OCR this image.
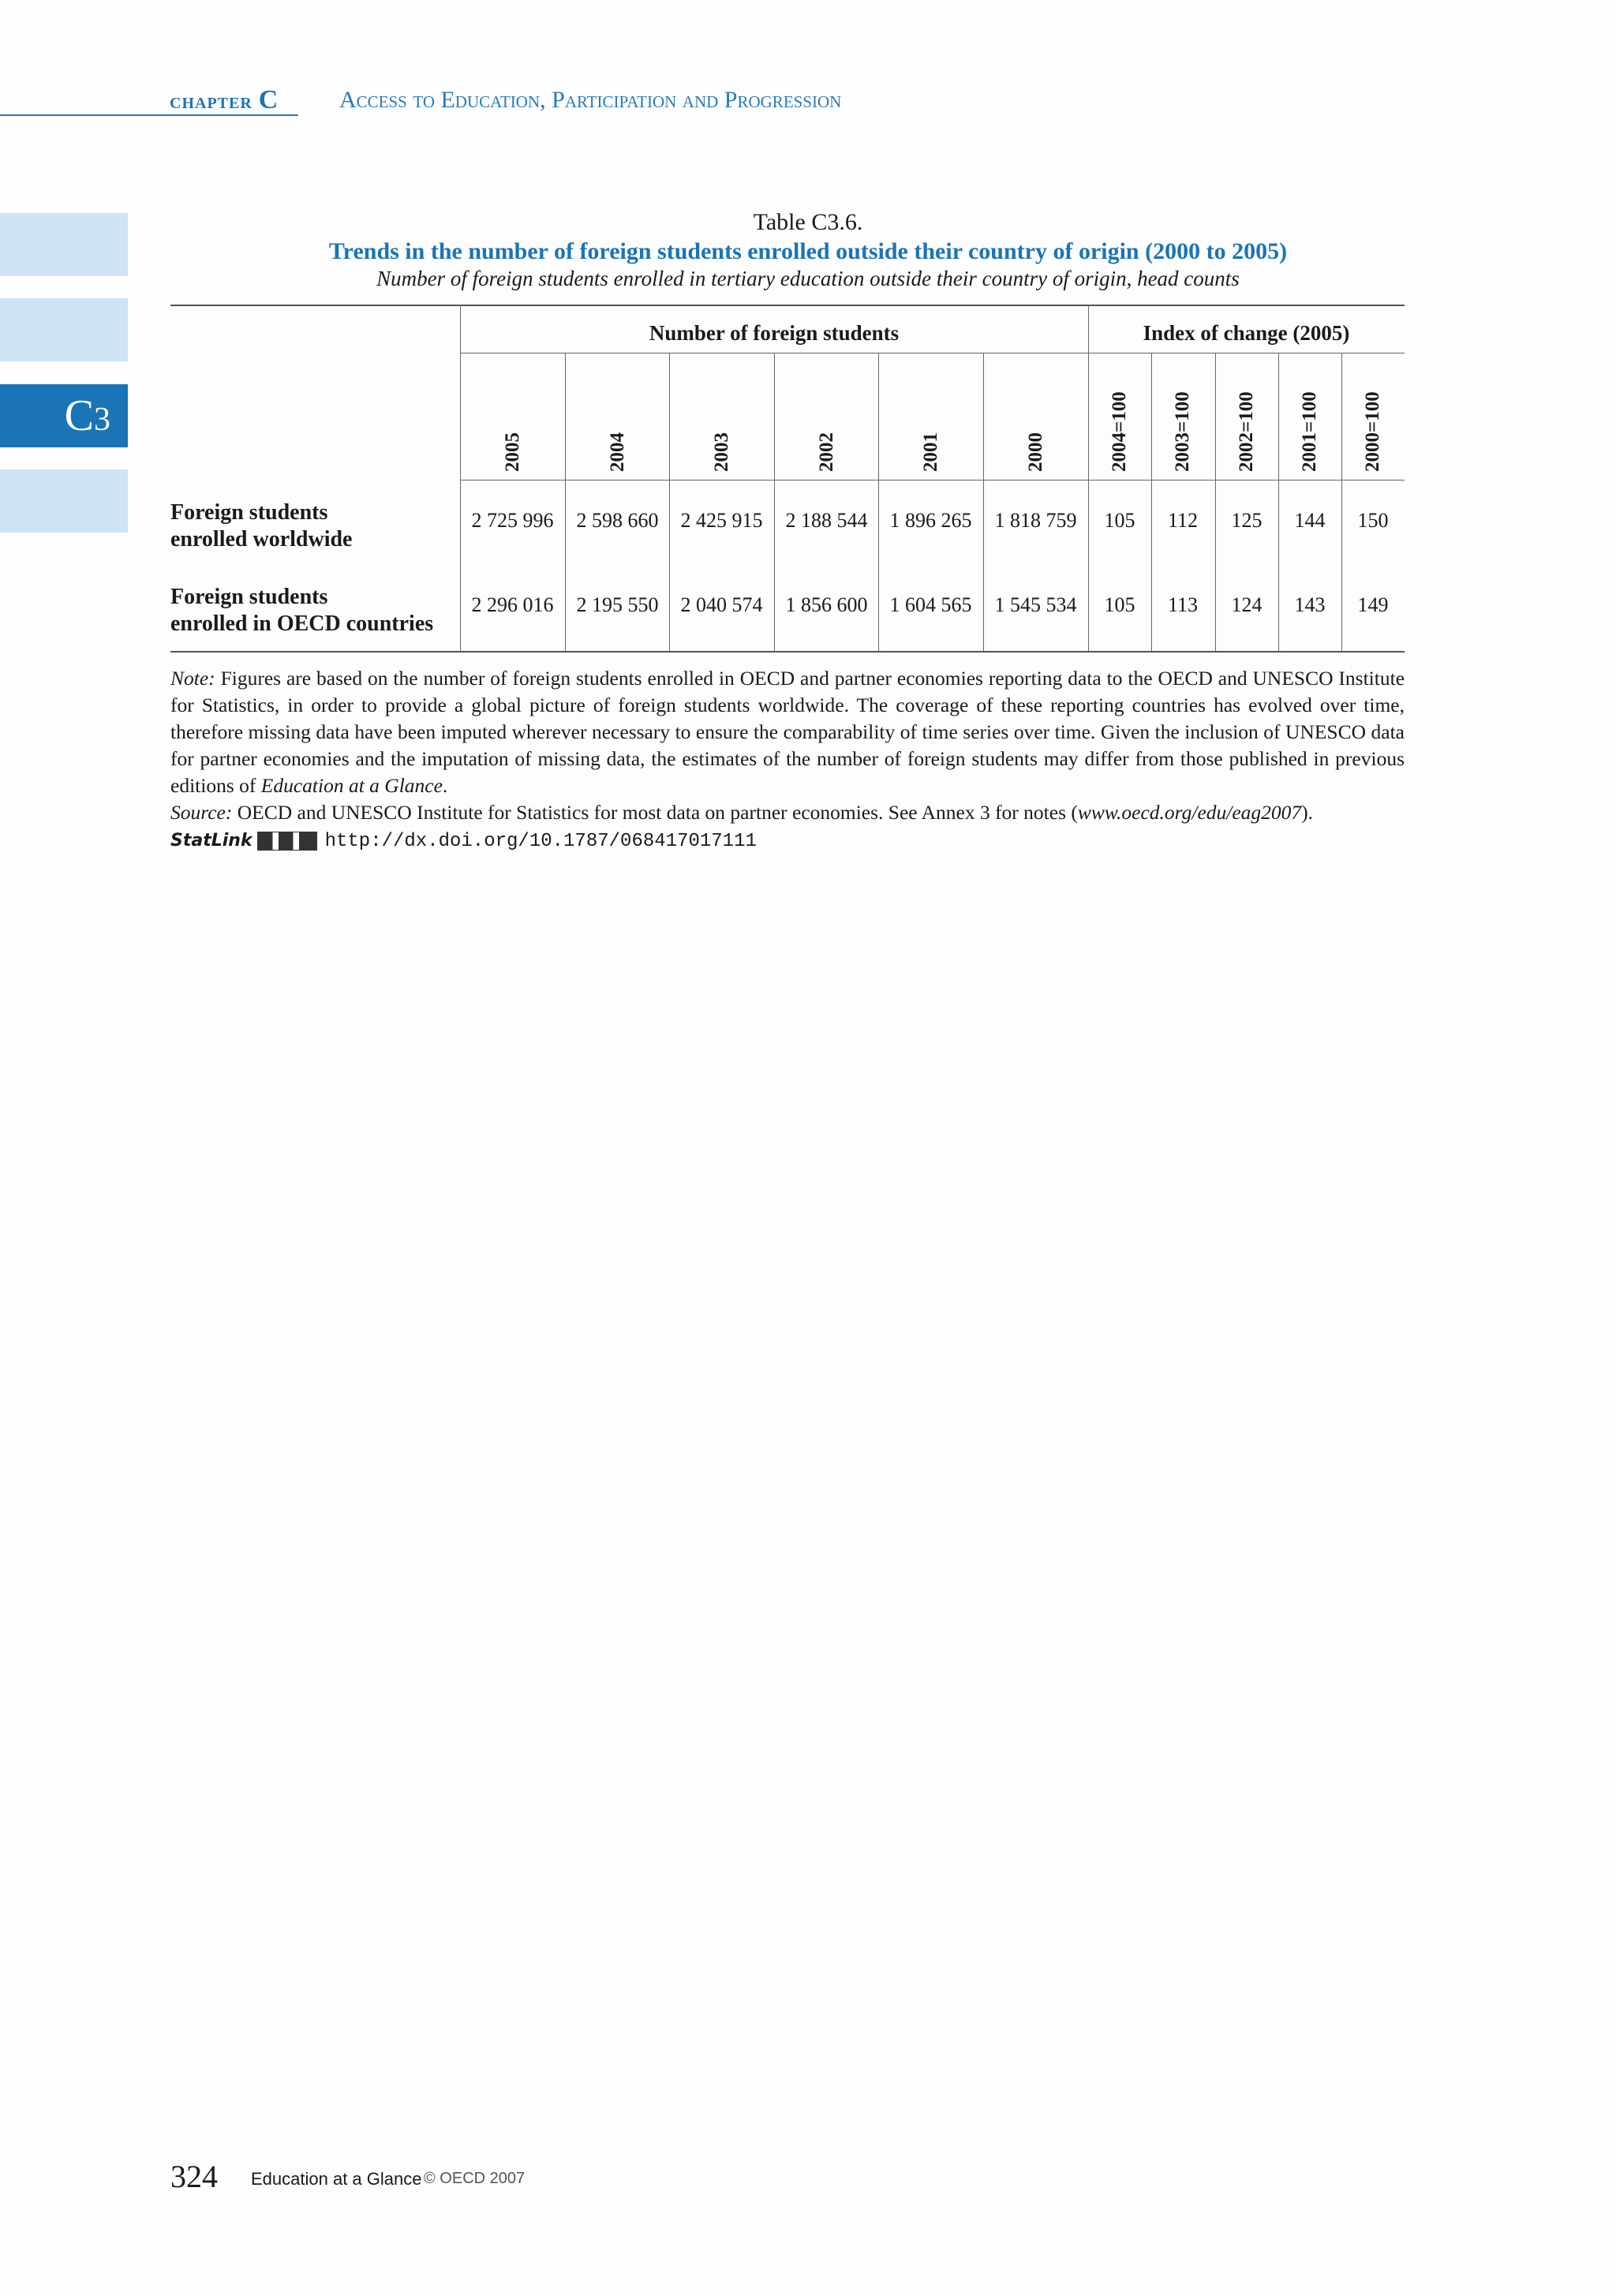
chapter C	Access to Education, Participation and Progression
C3
Table C3.6.
Trends in the number of foreign students enrolled outside their country of origin (2000 to 2005)
Number of foreign students enrolled in tertiary education outside their country of origin, head counts
Number of foreign students	Index of change (2005)
2005	2004	2003	2002	2001	2000	2004=100 2003=100 2002=100 2001=100 2000=100
Foreign students
enrolled worldwide
2 725 996	2 598 660	2 425 915	2 188 544	1 896 265	1 818 759	105	112	125	144	150
Foreign students
enrolled in OECD countries
2 296 016	2 195 550	2 040 574	1 856 600	1 604 565	1 545 534	105	113	124	143	149
Note: Figures are based on the number of foreign students enrolled in OECD and partner economies reporting data to the OECD and UNESCO Institute for Statistics, in order to provide a global picture of foreign students worldwide. The coverage of these reporting countries has evolved over time, therefore missing data have been imputed wherever necessary to ensure the comparability of time series over time. Given the inclusion of UNESCO data for partner economies and the imputation of missing data, the estimates of the number of foreign students may differ from those published in previous editions of Education at a Glance.
Source: OECD and UNESCO Institute for Statistics for most data on partner economies. See Annex 3 for notes (www.oecd.org/edu/eag2007).
StatLink	http://dx.doi.org/10.1787/068417017111
324 Education at a Glance © OECD 2007
